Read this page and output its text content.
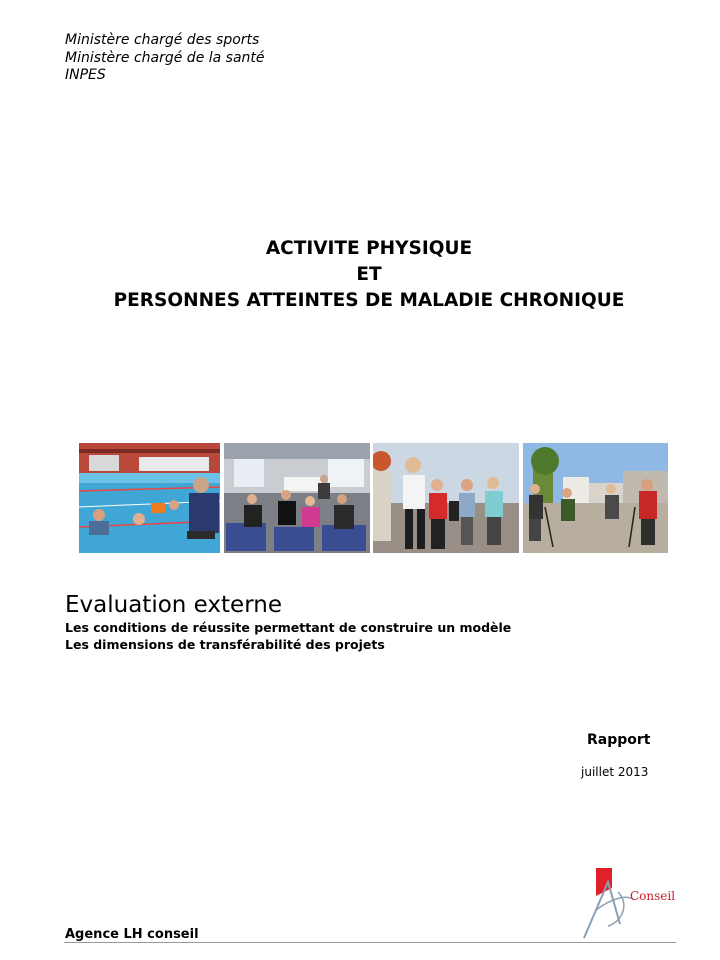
Ministère chargé des sports
Ministère chargé de la santé
INPES
ACTIVITE PHYSIQUE
ET
PERSONNES ATTEINTES DE MALADIE CHRONIQUE
Evaluation externe
Les conditions de réussite permettant de construire un modèle
Les dimensions de transférabilité des projets
Rapport
juillet 2013
Conseil
Agence LH conseil
